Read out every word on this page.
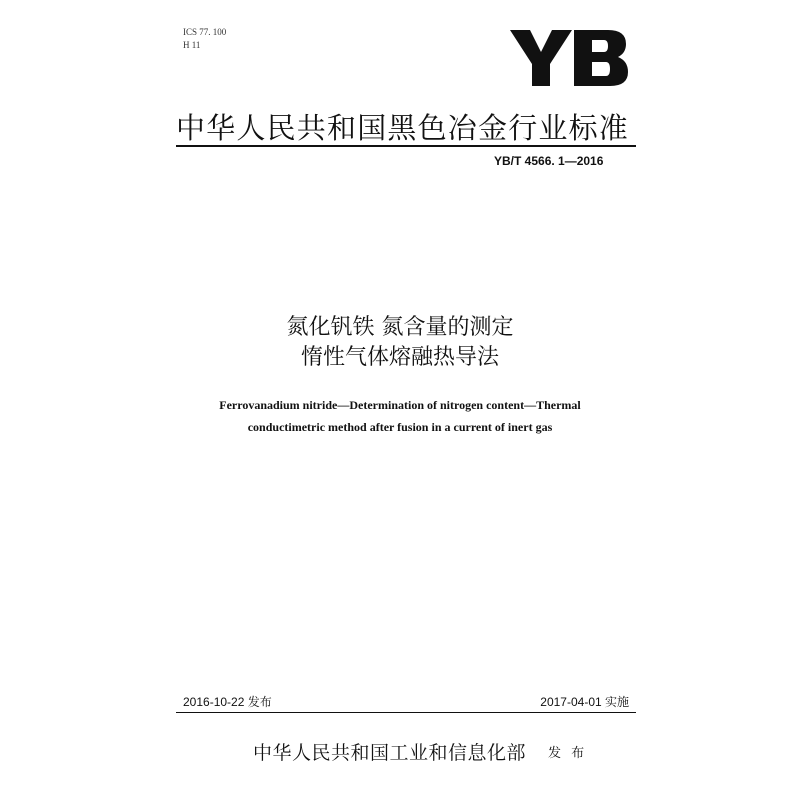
ICS 77. 100
H 11
中华人民共和国黑色冶金行业标准
YB/T 4566. 1—2016
氮化钒铁 氮含量的测定
惰性气体熔融热导法
Ferrovanadium nitride—Determination of nitrogen content—Thermal
conductimetric method after fusion in a current of inert gas
2016-10-22 发布	2017-04-01 实施
中华人民共和国工业和信息化部 发 布
